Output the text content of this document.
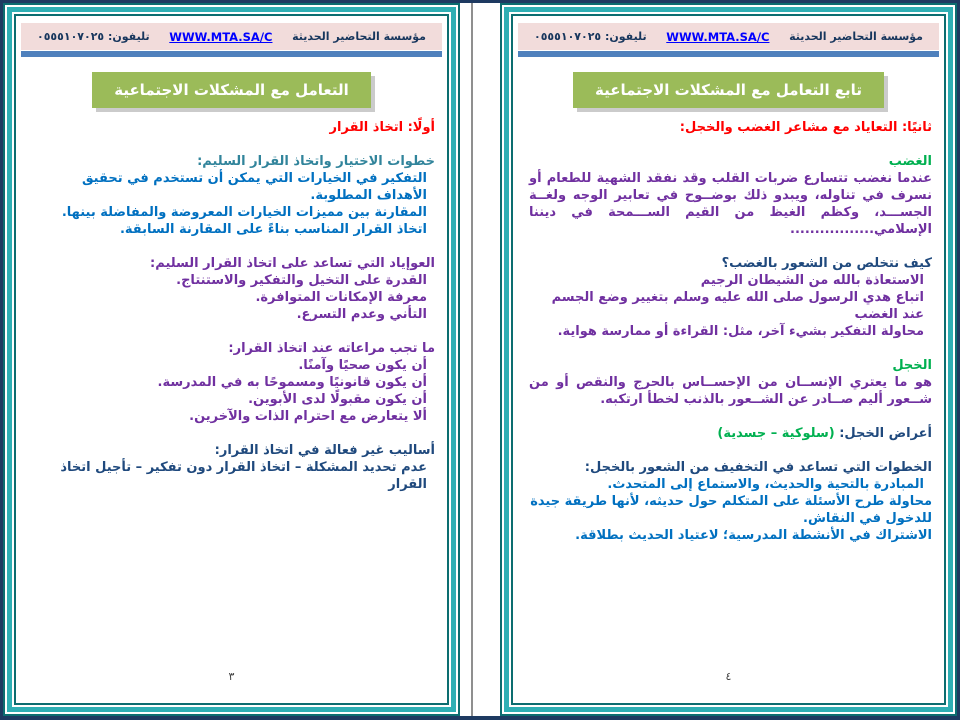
مؤسسة التحاضير الحديثة
WWW.MTA.SA/C
تليفون: ٠٥٥٥١٠٧٠٢٥
التعامل مع المشكلات الاجتماعية
أولًا: اتخاذ القرار
خطوات الاختيار واتخاذ القرار السليم:
التفكير في الخيارات التي يمكن أن تستخدم في تحقيق الأهداف المطلوبة.
المقارنة بين مميزات الخيارات المعروضة والمفاضلة بينها.
اتخاذ القرار المناسب بناءً على المقارنة السابقة.
العوإياد التي تساعد على اتخاذ القرار السليم:
القدرة على التخيل والتفكير والاستنتاج.
معرفة الإمكانات المتوافرة.
التأني وعدم التسرع.
ما تجب مراعاته عند اتخاذ القرار:
أن يكون صحيًا وآمنًا.
أن يكون قانونيًا ومسموحًا به في المدرسة.
أن يكون مقبولًا لدى الأبوين.
ألا يتعارض مع احترام الذات والآخرين.
أساليب غير فعالة في اتخاذ القرار:
عدم تحديد المشكلة – اتخاذ القرار دون تفكير – تأجيل اتخاذ القرار
٣
مؤسسة التحاضير الحديثة
WWW.MTA.SA/C
تليفون: ٠٥٥٥١٠٧٠٢٥
تابع التعامل مع المشكلات الاجتماعية
ثانيًا: التعاياد مع مشاعر الغضب والخجل:
الغضب
عندما نغضب تتسارع ضربات القلب وقد نفقد الشهية للطعام أو نسرف في تناوله، ويبدو ذلك بوضــوح في تعابير الوجه ولغــة الجســـد، وكظم الغيظ من القيم الســـمحة في ديننا الإسلامي.................
كيف نتخلص من الشعور بالغضب؟
الاستعاذة بالله من الشيطان الرجيم
اتباع هدي الرسول صلى الله عليه وسلم بتغيير وضع الجسم عند الغضب
محاولة التفكير بشيء آخر، مثل: القراءة أو ممارسة هواية.
الخجل
هو ما يعتري الإنســان من الإحســاس بالحرج والنقص أو من شــعور أليم صــادر عن الشــعور بالذنب لخطأ ارتكبه.
أعراض الخجل: (سلوكية – جسدية)
الخطوات التي تساعد في التخفيف من الشعور بالخجل:
المبادرة بالتحية والحديث، والاستماع إلى المتحدث.
محاولة طرح الأسئلة على المتكلم حول حديثه، لأنها طريقة جيدة للدخول في النقاش.
الاشتراك في الأنشطة المدرسية؛ لاعتياد الحديث بطلاقة.
٤
